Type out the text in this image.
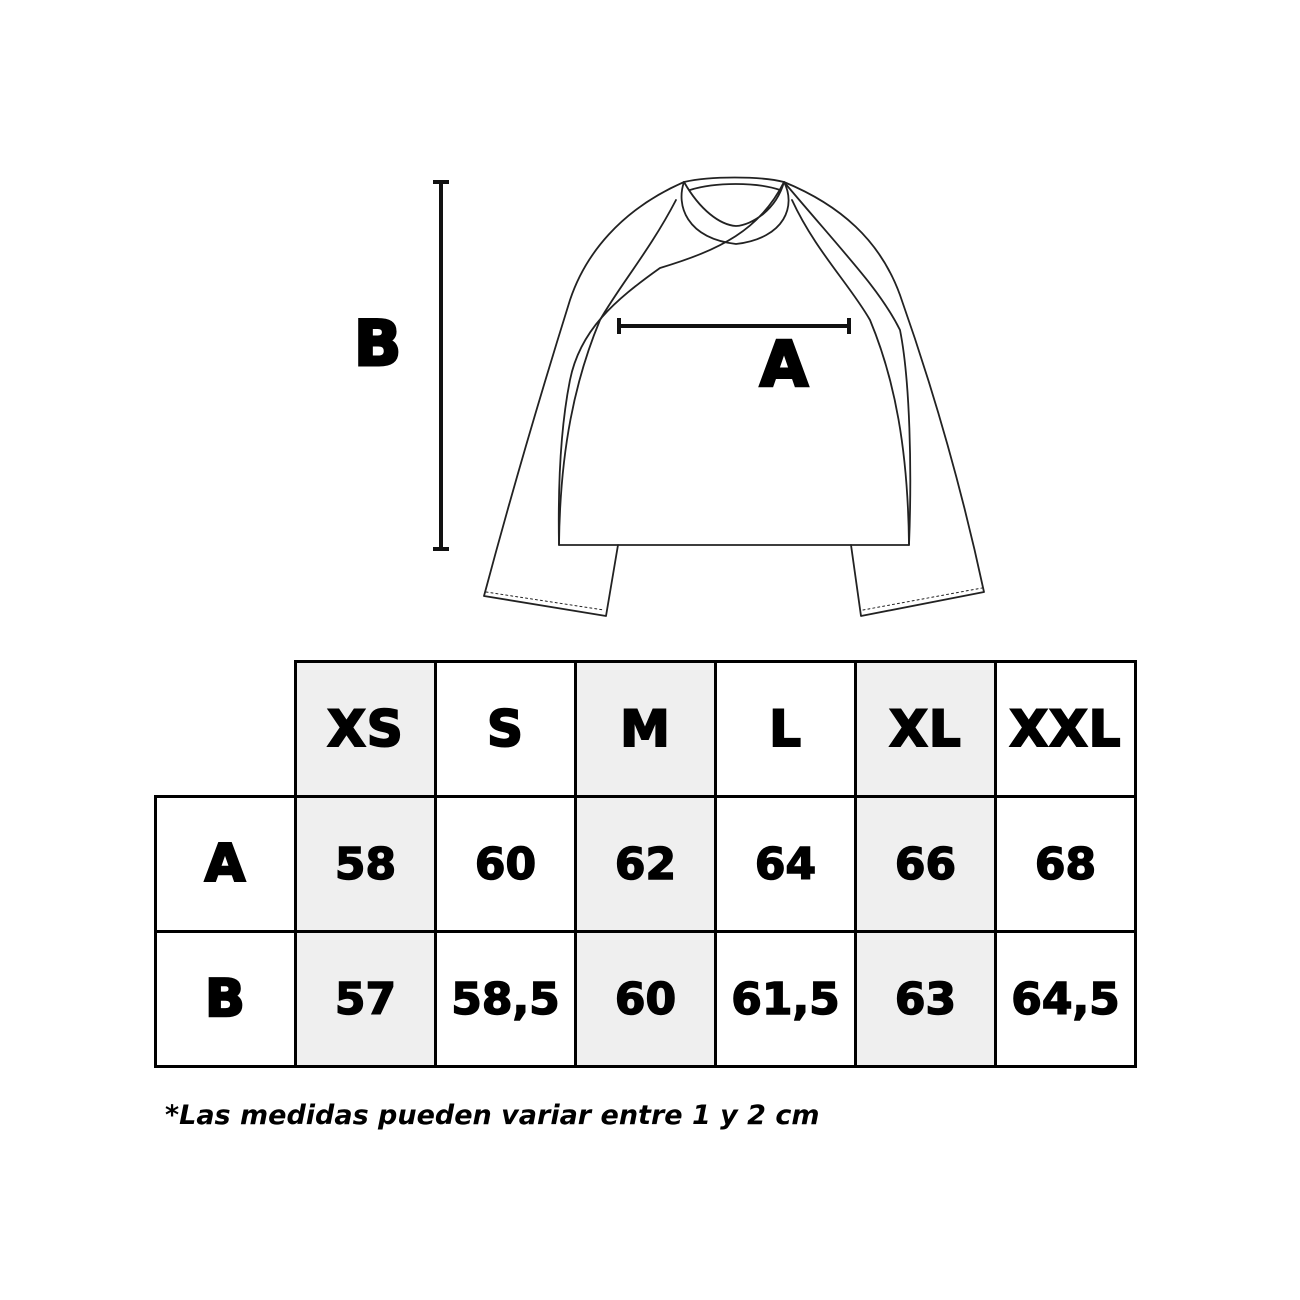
B	A
	XS	S	M	L	XL	XXL
A	58	60	62	64	66	68
B	57	58,5	60	61,5	63	64,5
*Las medidas pueden variar entre 1 y 2 cm
